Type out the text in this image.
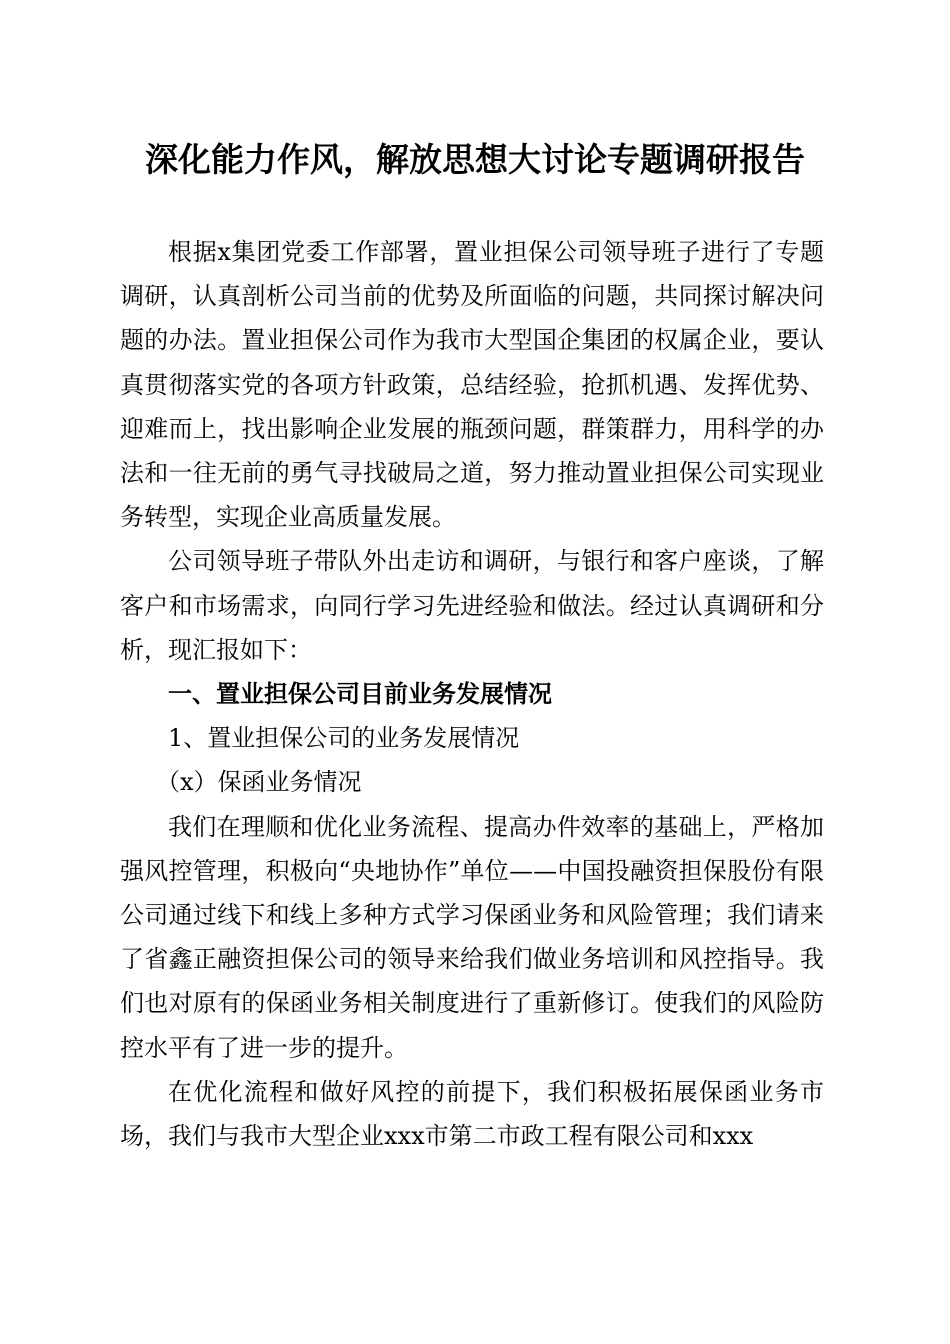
深化能力作风，解放思想大讨论专题调研报告

根据x集团党委工作部署，置业担保公司领导班子进行了专题调研，认真剖析公司当前的优势及所面临的问题，共同探讨解决问题的办法。置业担保公司作为我市大型国企集团的权属企业，要认真贯彻落实党的各项方针政策，总结经验，抢抓机遇、发挥优势、迎难而上，找出影响企业发展的瓶颈问题，群策群力，用科学的办法和一往无前的勇气寻找破局之道，努力推动置业担保公司实现业务转型，实现企业高质量发展。

公司领导班子带队外出走访和调研，与银行和客户座谈，了解客户和市场需求，向同行学习先进经验和做法。经过认真调研和分析，现汇报如下：

一、置业担保公司目前业务发展情况

1、置业担保公司的业务发展情况

（x）保函业务情况

我们在理顺和优化业务流程、提高办件效率的基础上，严格加强风控管理，积极向“央地协作”单位——中国投融资担保股份有限公司通过线下和线上多种方式学习保函业务和风险管理；我们请来了省鑫正融资担保公司的领导来给我们做业务培训和风控指导。我们也对原有的保函业务相关制度进行了重新修订。使我们的风险防控水平有了进一步的提升。

在优化流程和做好风控的前提下，我们积极拓展保函业务市场，我们与我市大型企业xxx市第二市政工程有限公司和xxx
